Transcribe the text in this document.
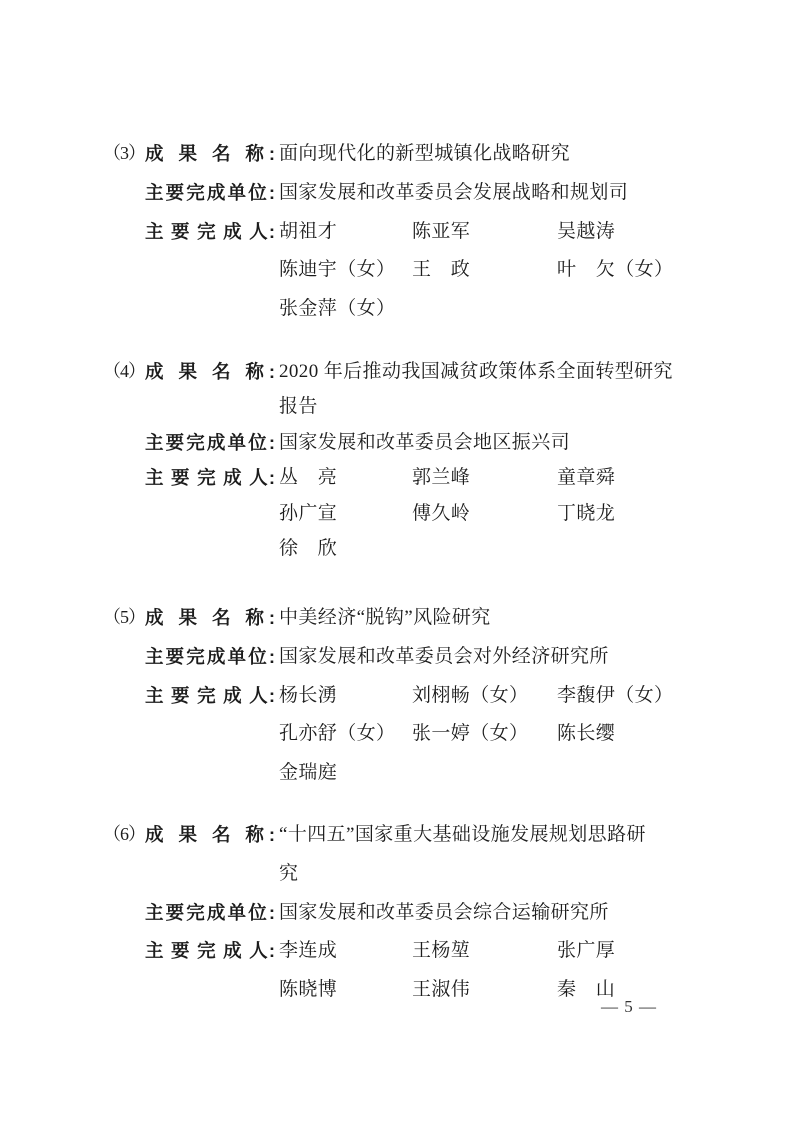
（3） 成 果 名 称: 面向现代化的新型城镇化战略研究
主要完成单位: 国家发展和改革委员会发展战略和规划司
主 要 完 成 人: 胡祖才	陈亚军	吴越涛
陈迪宇（女） 王　政	叶　欠（女）
张金萍（女）
（4） 成 果 名 称: 2020 年后推动我国减贫政策体系全面转型研究
报告
主要完成单位: 国家发展和改革委员会地区振兴司
主 要 完 成 人: 丛　亮	郭兰峰	童章舜
孙广宣	傅久岭	丁晓龙
徐　欣
（5） 成 果 名 称: 中美经济“脱钩”风险研究
主要完成单位: 国家发展和改革委员会对外经济研究所
主 要 完 成 人: 杨长湧	刘栩畅（女）	李馥伊（女）
孔亦舒（女） 张一婷（女）	陈长缨
金瑞庭
（6） 成 果 名 称: “十四五”国家重大基础设施发展规划思路研
究
主要完成单位: 国家发展和改革委员会综合运输研究所
主 要 完 成 人: 李连成	王杨堃	张广厚
陈晓博	王淑伟	秦　山
— 5 —
